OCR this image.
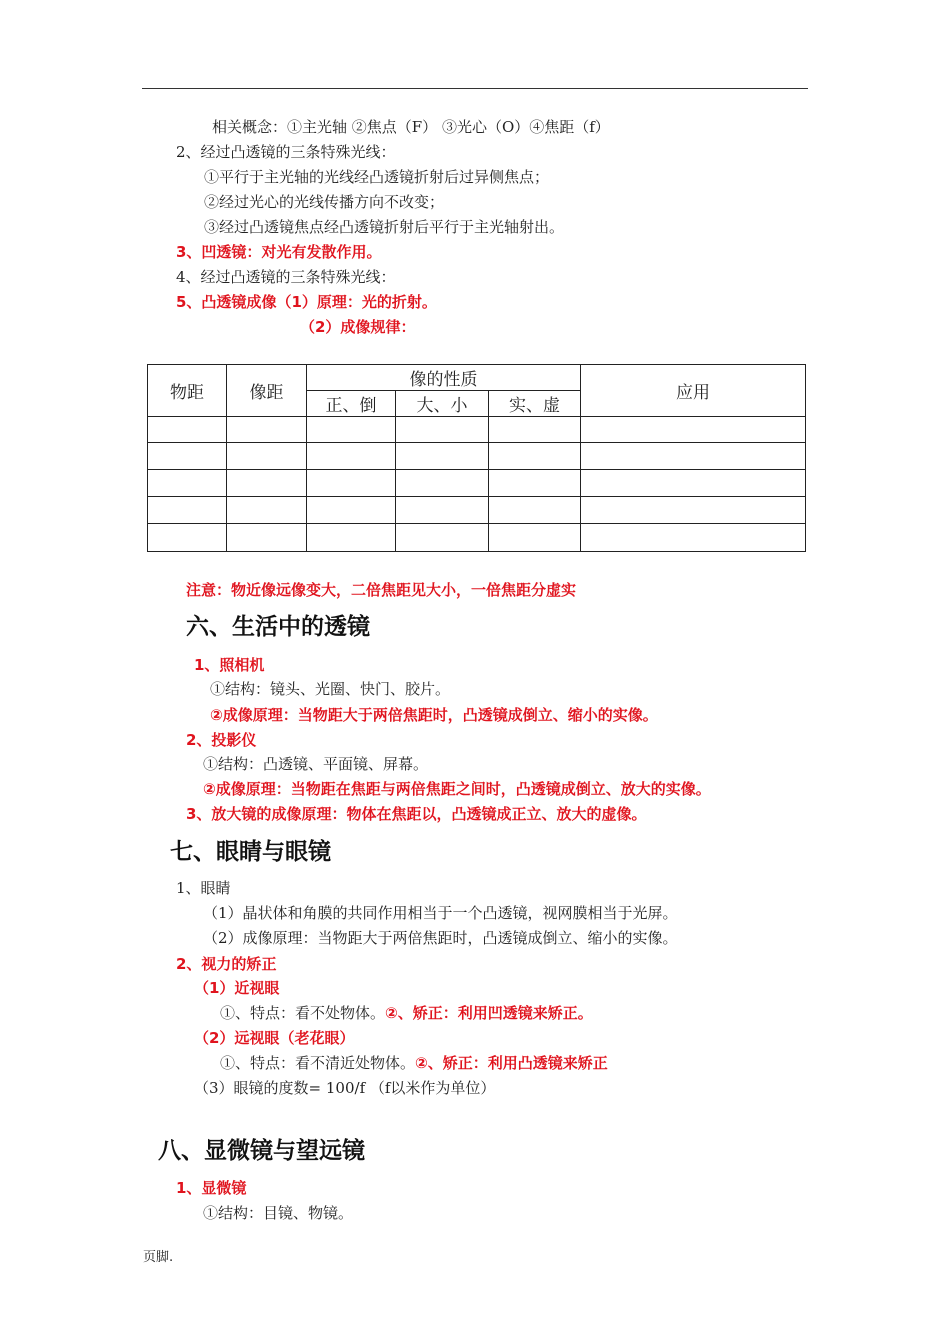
相关概念：①主光轴 ②焦点（F） ③光心（O）④焦距（f）
2、经过凸透镜的三条特殊光线：
①平行于主光轴的光线经凸透镜折射后过异侧焦点；
②经过光心的光线传播方向不改变；
③经过凸透镜焦点经凸透镜折射后平行于主光轴射出。
3、凹透镜：对光有发散作用。
4、经过凸透镜的三条特殊光线：
5、凸透镜成像（1）原理：光的折射。
（2）成像规律：
物距	像距	像的性质			应用
		正、倒	大、小	实、虚	

注意：物近像远像变大，二倍焦距见大小，一倍焦距分虚实
六、生活中的透镜
1、照相机
①结构：镜头、光圈、快门、胶片。
②成像原理：当物距大于两倍焦距时，凸透镜成倒立、缩小的实像。
2、投影仪
①结构：凸透镜、平面镜、屏幕。
②成像原理：当物距在焦距与两倍焦距之间时，凸透镜成倒立、放大的实像。
3、放大镜的成像原理：物体在焦距以，凸透镜成正立、放大的虚像。
七、眼睛与眼镜
1、眼睛
（1）晶状体和角膜的共同作用相当于一个凸透镜，视网膜相当于光屏。
（2）成像原理：当物距大于两倍焦距时，凸透镜成倒立、缩小的实像。
2、视力的矫正
（1）近视眼
①、特点：看不处物体。②、矫正：利用凹透镜来矫正。
（2）远视眼（老花眼）
①、特点：看不清近处物体。②、矫正：利用凸透镜来矫正
（3）眼镜的度数= 100/f （f以米作为单位）
八、显微镜与望远镜
1、显微镜
①结构：目镜、物镜。
页脚.
